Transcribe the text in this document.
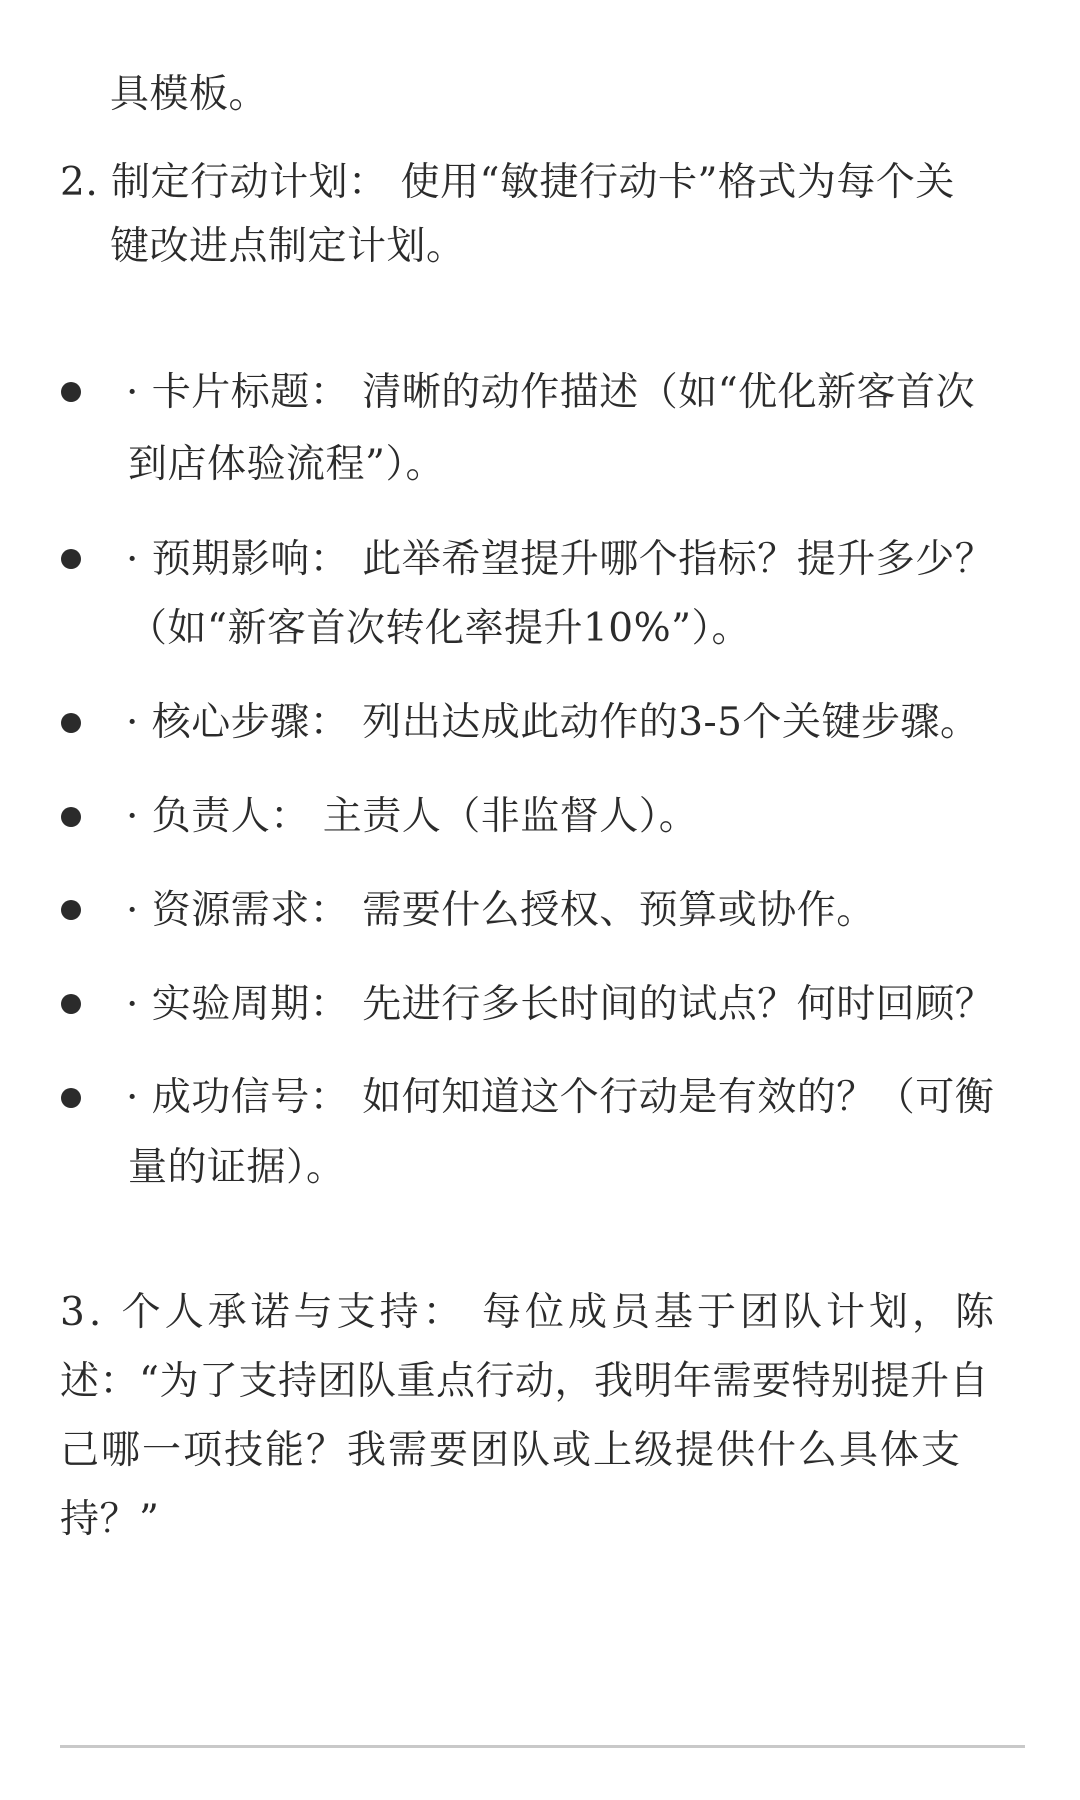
具模板。
2. 制定行动计划： 使用“敏捷行动卡”格式为每个关
键改进点制定计划。
· 卡片标题： 清晰的动作描述（如“优化新客首次
到店体验流程”）。
· 预期影响： 此举希望提升哪个指标？提升多少？
（如“新客首次转化率提升10%”）。
· 核心步骤： 列出达成此动作的3-5个关键步骤。
· 负责人： 主责人（非监督人）。
· 资源需求： 需要什么授权、预算或协作。
· 实验周期： 先进行多长时间的试点？何时回顾？
· 成功信号： 如何知道这个行动是有效的？（可衡
量的证据）。
3. 个人承诺与支持： 每位成员基于团队计划，陈
述：“为了支持团队重点行动，我明年需要特别提升自
己哪一项技能？我需要团队或上级提供什么具体支
持？”
